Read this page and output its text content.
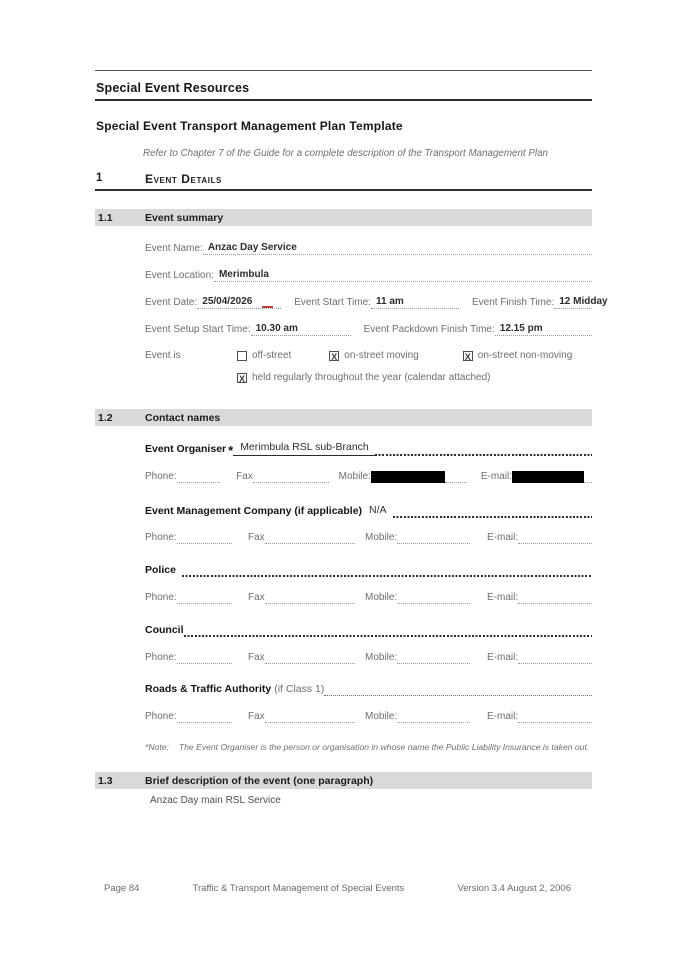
Special Event Resources
Special Event Transport Management Plan Template
Refer to Chapter 7 of the Guide for a complete description of the Transport Management Plan
1	Event Details
1.1	Event summary
Event Name: Anzac Day Service
Event Location: Merimbula
Event Date: 25/04/2026	Event Start Time: 11 am	Event Finish Time: 12 Midday
Event Setup Start Time: 10.30 am	Event Packdown Finish Time: 12.15 pm
Event is	off-street	X on-street moving	X on-street non-moving
X held regularly throughout the year (calendar attached)
1.2	Contact names
Event Organiser * Merimbula RSL sub-Branch
Phone:	Fax	Mobile:	E-mail:
Event Management Company (if applicable) N/A
Phone:	Fax	Mobile:	E-mail:
Police
Phone:	Fax	Mobile:	E-mail:
Council
Phone:	Fax	Mobile:	E-mail:
Roads & Traffic Authority (if Class 1)
Phone:	Fax	Mobile:	E-mail:
*Note: The Event Organiser is the person or organisation in whose name the Public Liability Insurance is taken out.
1.3	Brief description of the event (one paragraph)
Anzac Day main RSL Service
Page 84	Traffic & Transport Management of Special Events	Version 3.4 August 2, 2006
